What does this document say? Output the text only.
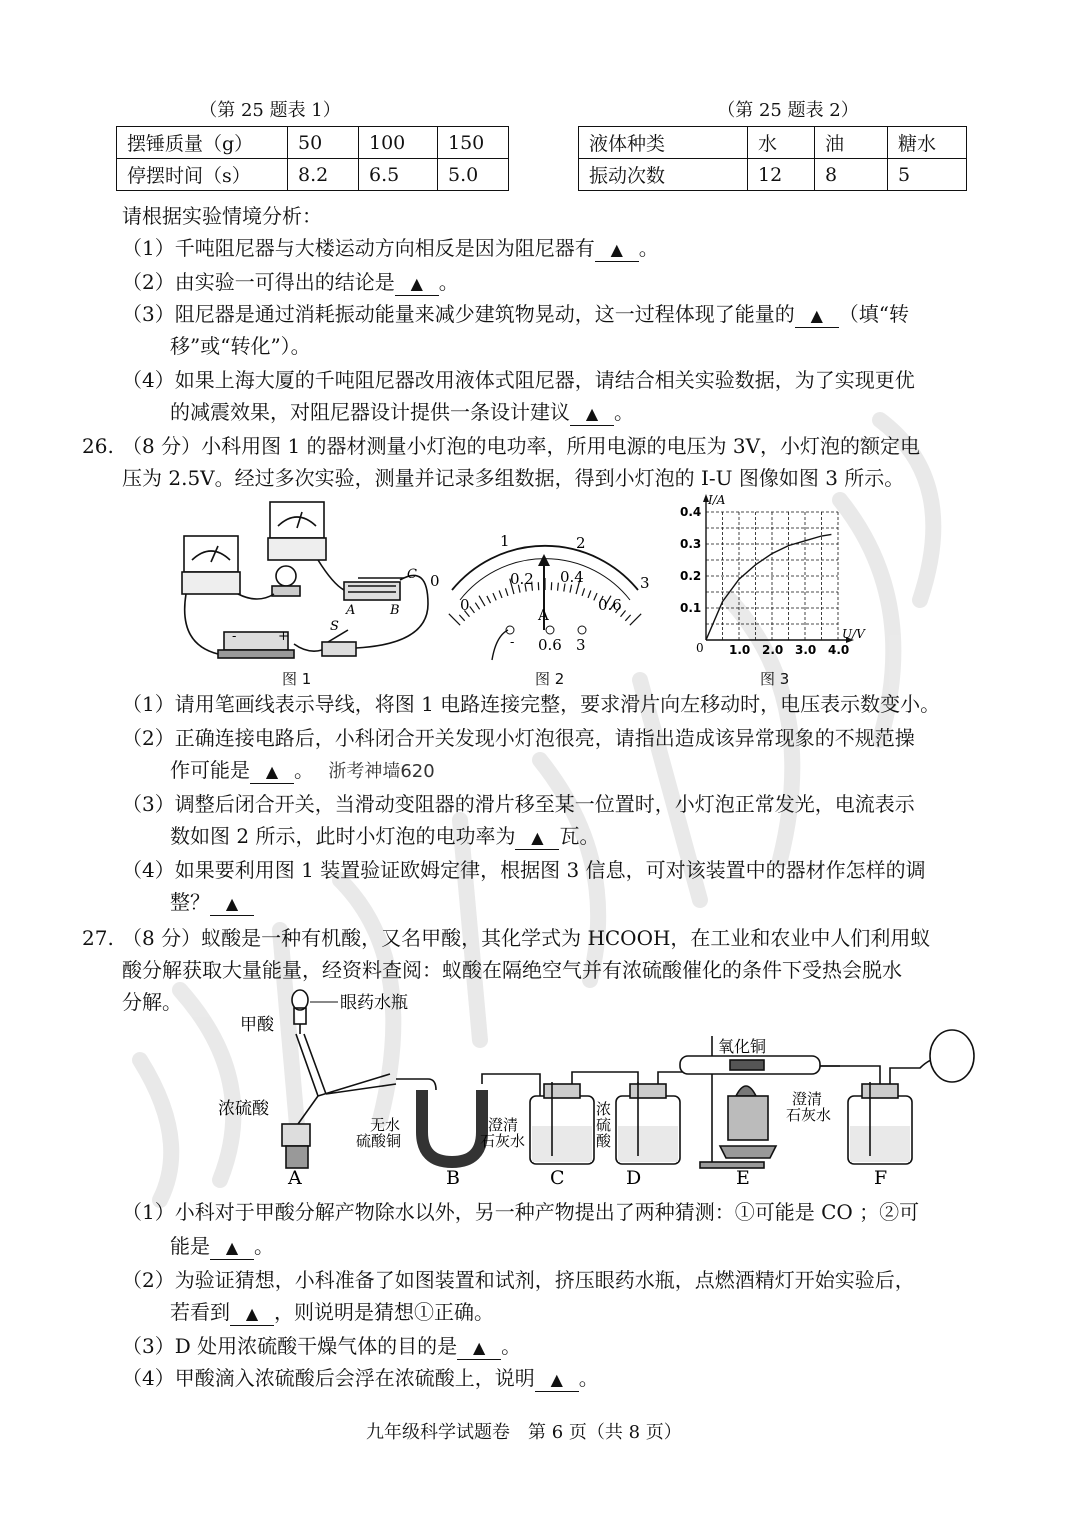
（第 25 题表 1）
摆锤质量（g）	50	100	150
停摆时间（s）	8.2	6.5	5.0
（第 25 题表 2）
液体种类	水	油	糖水
振动次数	12	8	5
请根据实验情境分析：
（1）千吨阻尼器与大楼运动方向相反是因为阻尼器有 ▲ 。
（2）由实验一可得出的结论是 ▲ 。
（3）阻尼器是通过消耗振动能量来减少建筑物晃动，这一过程体现了能量的 ▲ （填“转
移”或“转化”）。
（4）如果上海大厦的千吨阻尼器改用液体式阻尼器，请结合相关实验数据，为了实现更优
的减震效果，对阻尼器设计提供一条设计建议 ▲ 。
26. （8 分）小科用图 1 的器材测量小灯泡的电功率，所用电源的电压为 3V，小灯泡的额定电
压为 2.5V。经过多次实验，测量并记录多组数据，得到小灯泡的 I-U 图像如图 3 所示。
C
A	B
S
-	+
图 1
0
1	2
3
0
0.2 0.4
0.6
A
0.6 3
-
图 2
I/A
U/V
0
0.4
0.3
0.2
0.1
1.0 2.0 3.0 4.0
图 3
（1）请用笔画线表示导线，将图 1 电路连接完整，要求滑片向左移动时，电压表示数变小。
（2）正确连接电路后，小科闭合开关发现小灯泡很亮，请指出造成该异常现象的不规范操
作可能是 ▲ 。 浙考神墙620
（3）调整后闭合开关，当滑动变阻器的滑片移至某一位置时，小灯泡正常发光，电流表示
数如图 2 所示，此时小灯泡的电功率为 ▲ 瓦。
（4）如果要利用图 1 装置验证欧姆定律，根据图 3 信息，可对该装置中的器材作怎样的调
整？ ▲
27. （8 分）蚁酸是一种有机酸，又名甲酸，其化学式为 HCOOH，在工业和农业中人们利用蚁
酸分解获取大量能量，经资料查阅：蚁酸在隔绝空气并有浓硫酸催化的条件下受热会脱水
分解。	眼药水瓶
甲酸
浓硫酸
无水
硫酸铜
澄清
石灰水
浓
硫
酸
氧化铜
澄清
石灰水
A	B	C	D	E	F
（1）小科对于甲酸分解产物除水以外，另一种产物提出了两种猜测：①可能是 CO ；②可
能是 ▲ 。
（2）为验证猜想，小科准备了如图装置和试剂，挤压眼药水瓶，点燃酒精灯开始实验后，
若看到 ▲ ，则说明是猜想①正确。
（3）D 处用浓硫酸干燥气体的目的是 ▲ 。
（4）甲酸滴入浓硫酸后会浮在浓硫酸上，说明 ▲ 。
九年级科学试题卷　第 6 页（共 8 页）
